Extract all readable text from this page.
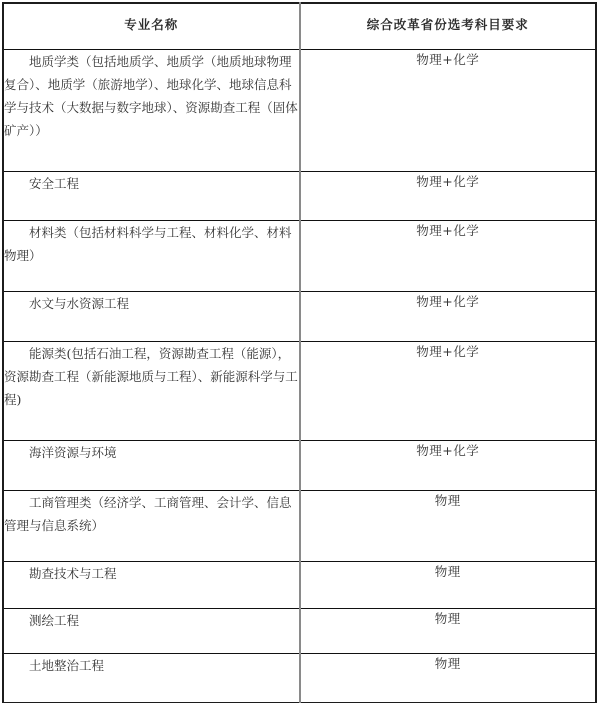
专业名称	综合改革省份选考科目要求

地质学类（包括地质学、地质学（地质地球物理复合）、地质学（旅游地学）、地球化学、地球信息科学与技术（大数据与数字地球）、资源勘查工程（固体矿产））	物理+化学

安全工程	物理+化学

材料类（包括材料科学与工程、材料化学、材料物理）	物理+化学

水文与水资源工程	物理+化学

能源类(包括石油工程，资源勘查工程（能源），资源勘查工程（新能源地质与工程）、新能源科学与工程)	物理+化学

海洋资源与环境	物理+化学

工商管理类（经济学、工商管理、会计学、信息管理与信息系统）	物理

勘查技术与工程	物理

测绘工程	物理

土地整治工程	物理
